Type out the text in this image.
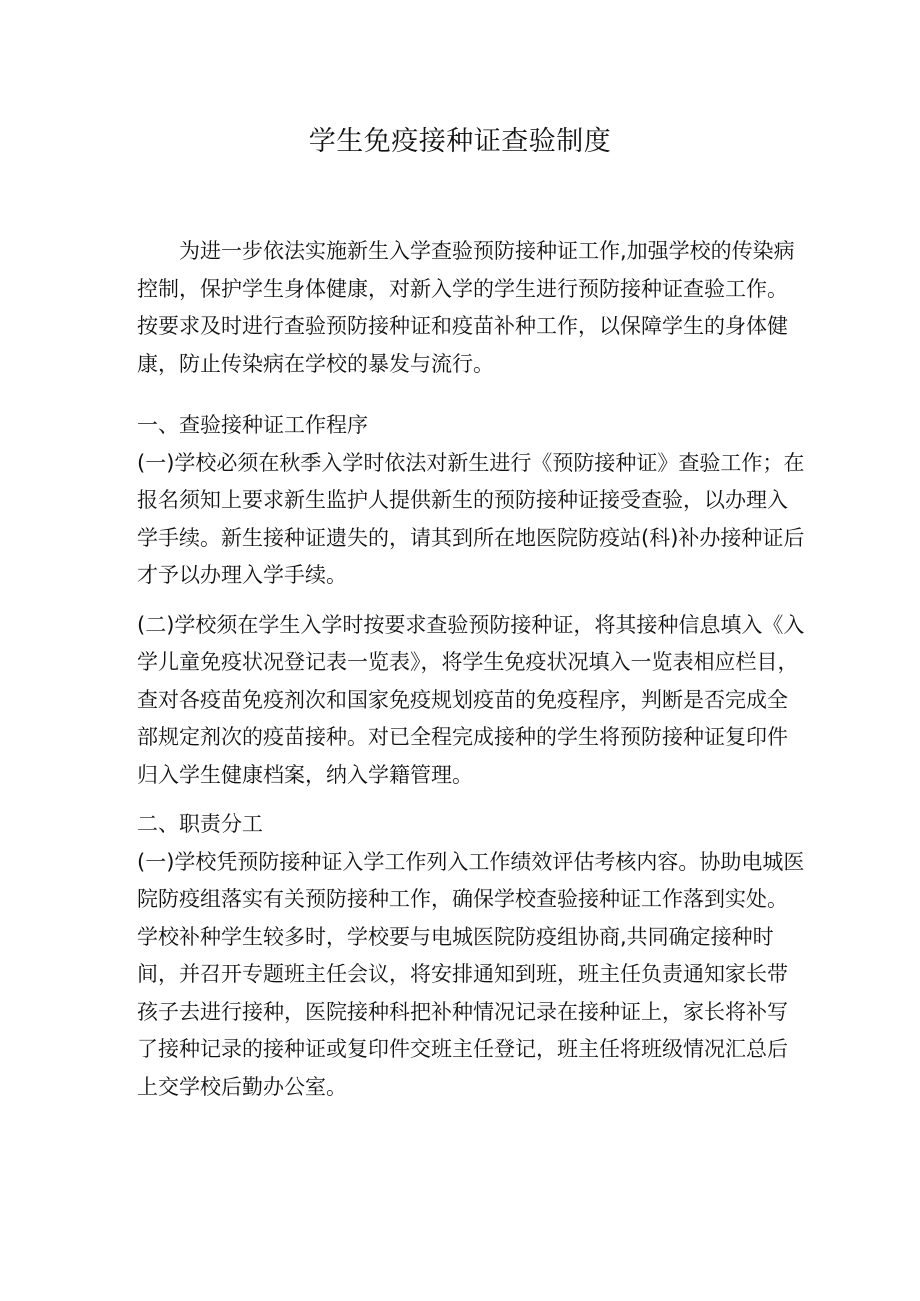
学生免疫接种证查验制度

为进一步依法实施新生入学查验预防接种证工作,加强学校的传染病控制，保护学生身体健康，对新入学的学生进行预防接种证查验工作。按要求及时进行查验预防接种证和疫苗补种工作，以保障学生的身体健康，防止传染病在学校的暴发与流行。

一、查验接种证工作程序

(一)学校必须在秋季入学时依法对新生进行《预防接种证》查验工作；在报名须知上要求新生监护人提供新生的预防接种证接受查验，以办理入学手续。新生接种证遗失的，请其到所在地医院防疫站(科)补办接种证后才予以办理入学手续。

(二)学校须在学生入学时按要求查验预防接种证，将其接种信息填入《入学儿童免疫状况登记表一览表》，将学生免疫状况填入一览表相应栏目，查对各疫苗免疫剂次和国家免疫规划疫苗的免疫程序，判断是否完成全部规定剂次的疫苗接种。对已全程完成接种的学生将预防接种证复印件归入学生健康档案，纳入学籍管理。

二、职责分工

(一)学校凭预防接种证入学工作列入工作绩效评估考核内容。协助电城医院防疫组落实有关预防接种工作，确保学校查验接种证工作落到实处。学校补种学生较多时，学校要与电城医院防疫组协商,共同确定接种时间，并召开专题班主任会议，将安排通知到班，班主任负责通知家长带孩子去进行接种，医院接种科把补种情况记录在接种证上，家长将补写了接种记录的接种证或复印件交班主任登记，班主任将班级情况汇总后上交学校后勤办公室。
